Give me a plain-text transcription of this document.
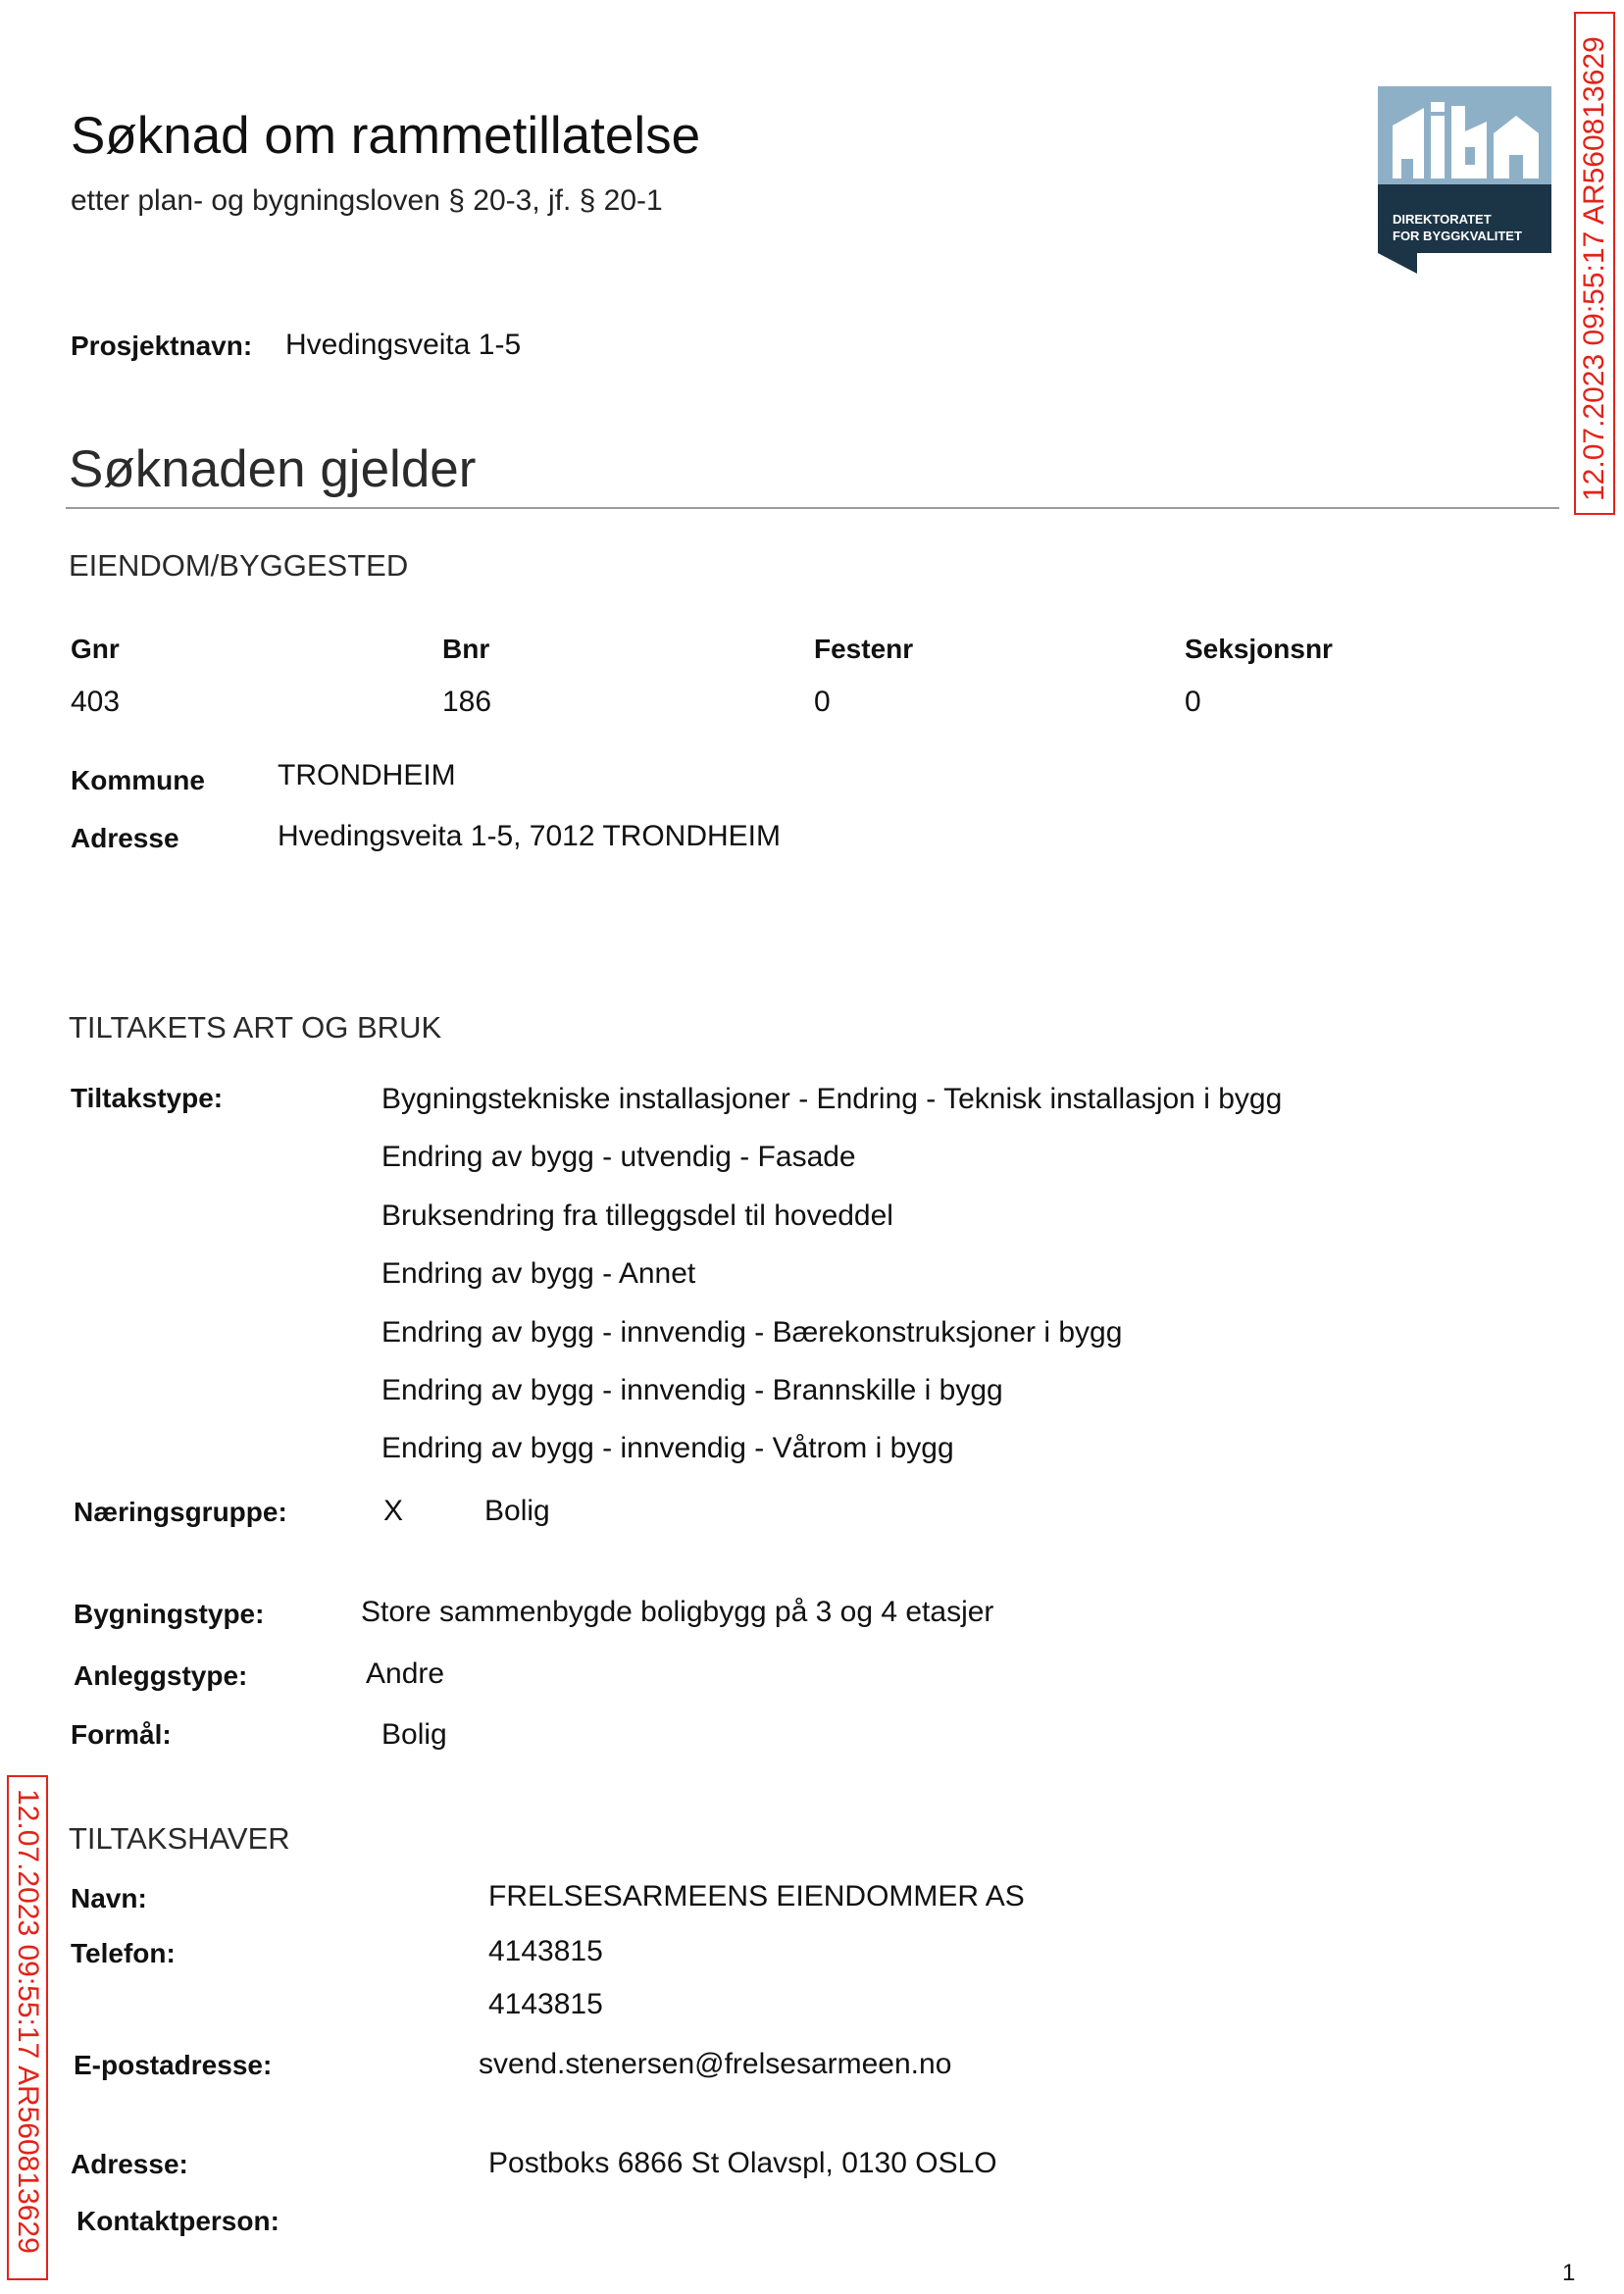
Søknad om rammetillatelse
etter plan- og bygningsloven § 20-3, jf. § 20-1
DIREKTORATET
FOR BYGGKVALITET 12.07.2023 09:55:17 AR560813629
12.07.2023 09:55:17 AR560813629
Prosjektnavn: Hvedingsveita 1-5
Søknaden gjelder
EIENDOM/BYGGESTED
Gnr	Bnr	Festenr	Seksjonsnr
403	186	0	0
Kommune TRONDHEIM
Adresse	Hvedingsveita 1-5, 7012 TRONDHEIM
TILTAKETS ART OG BRUK
Tiltakstype:	Bygningstekniske installasjoner - Endring - Teknisk installasjon i bygg
Endring av bygg - utvendig - Fasade
Bruksendring fra tilleggsdel til hoveddel
Endring av bygg - Annet
Endring av bygg - innvendig - Bærekonstruksjoner i bygg
Endring av bygg - innvendig - Brannskille i bygg
Endring av bygg - innvendig - Våtrom i bygg
Næringsgruppe:	X	Bolig
Bygningstype:	Store sammenbygde boligbygg på 3 og 4 etasjer
Anleggstype:	Andre
Formål:	Bolig
TILTAKSHAVER
Navn:	FRELSESARMEENS EIENDOMMER AS
Telefon:	4143815
4143815
E-postadresse:	svend.stenersen@frelsesarmeen.no
Adresse:	Postboks 6866 St Olavspl, 0130 OSLO
Kontaktperson:
1
